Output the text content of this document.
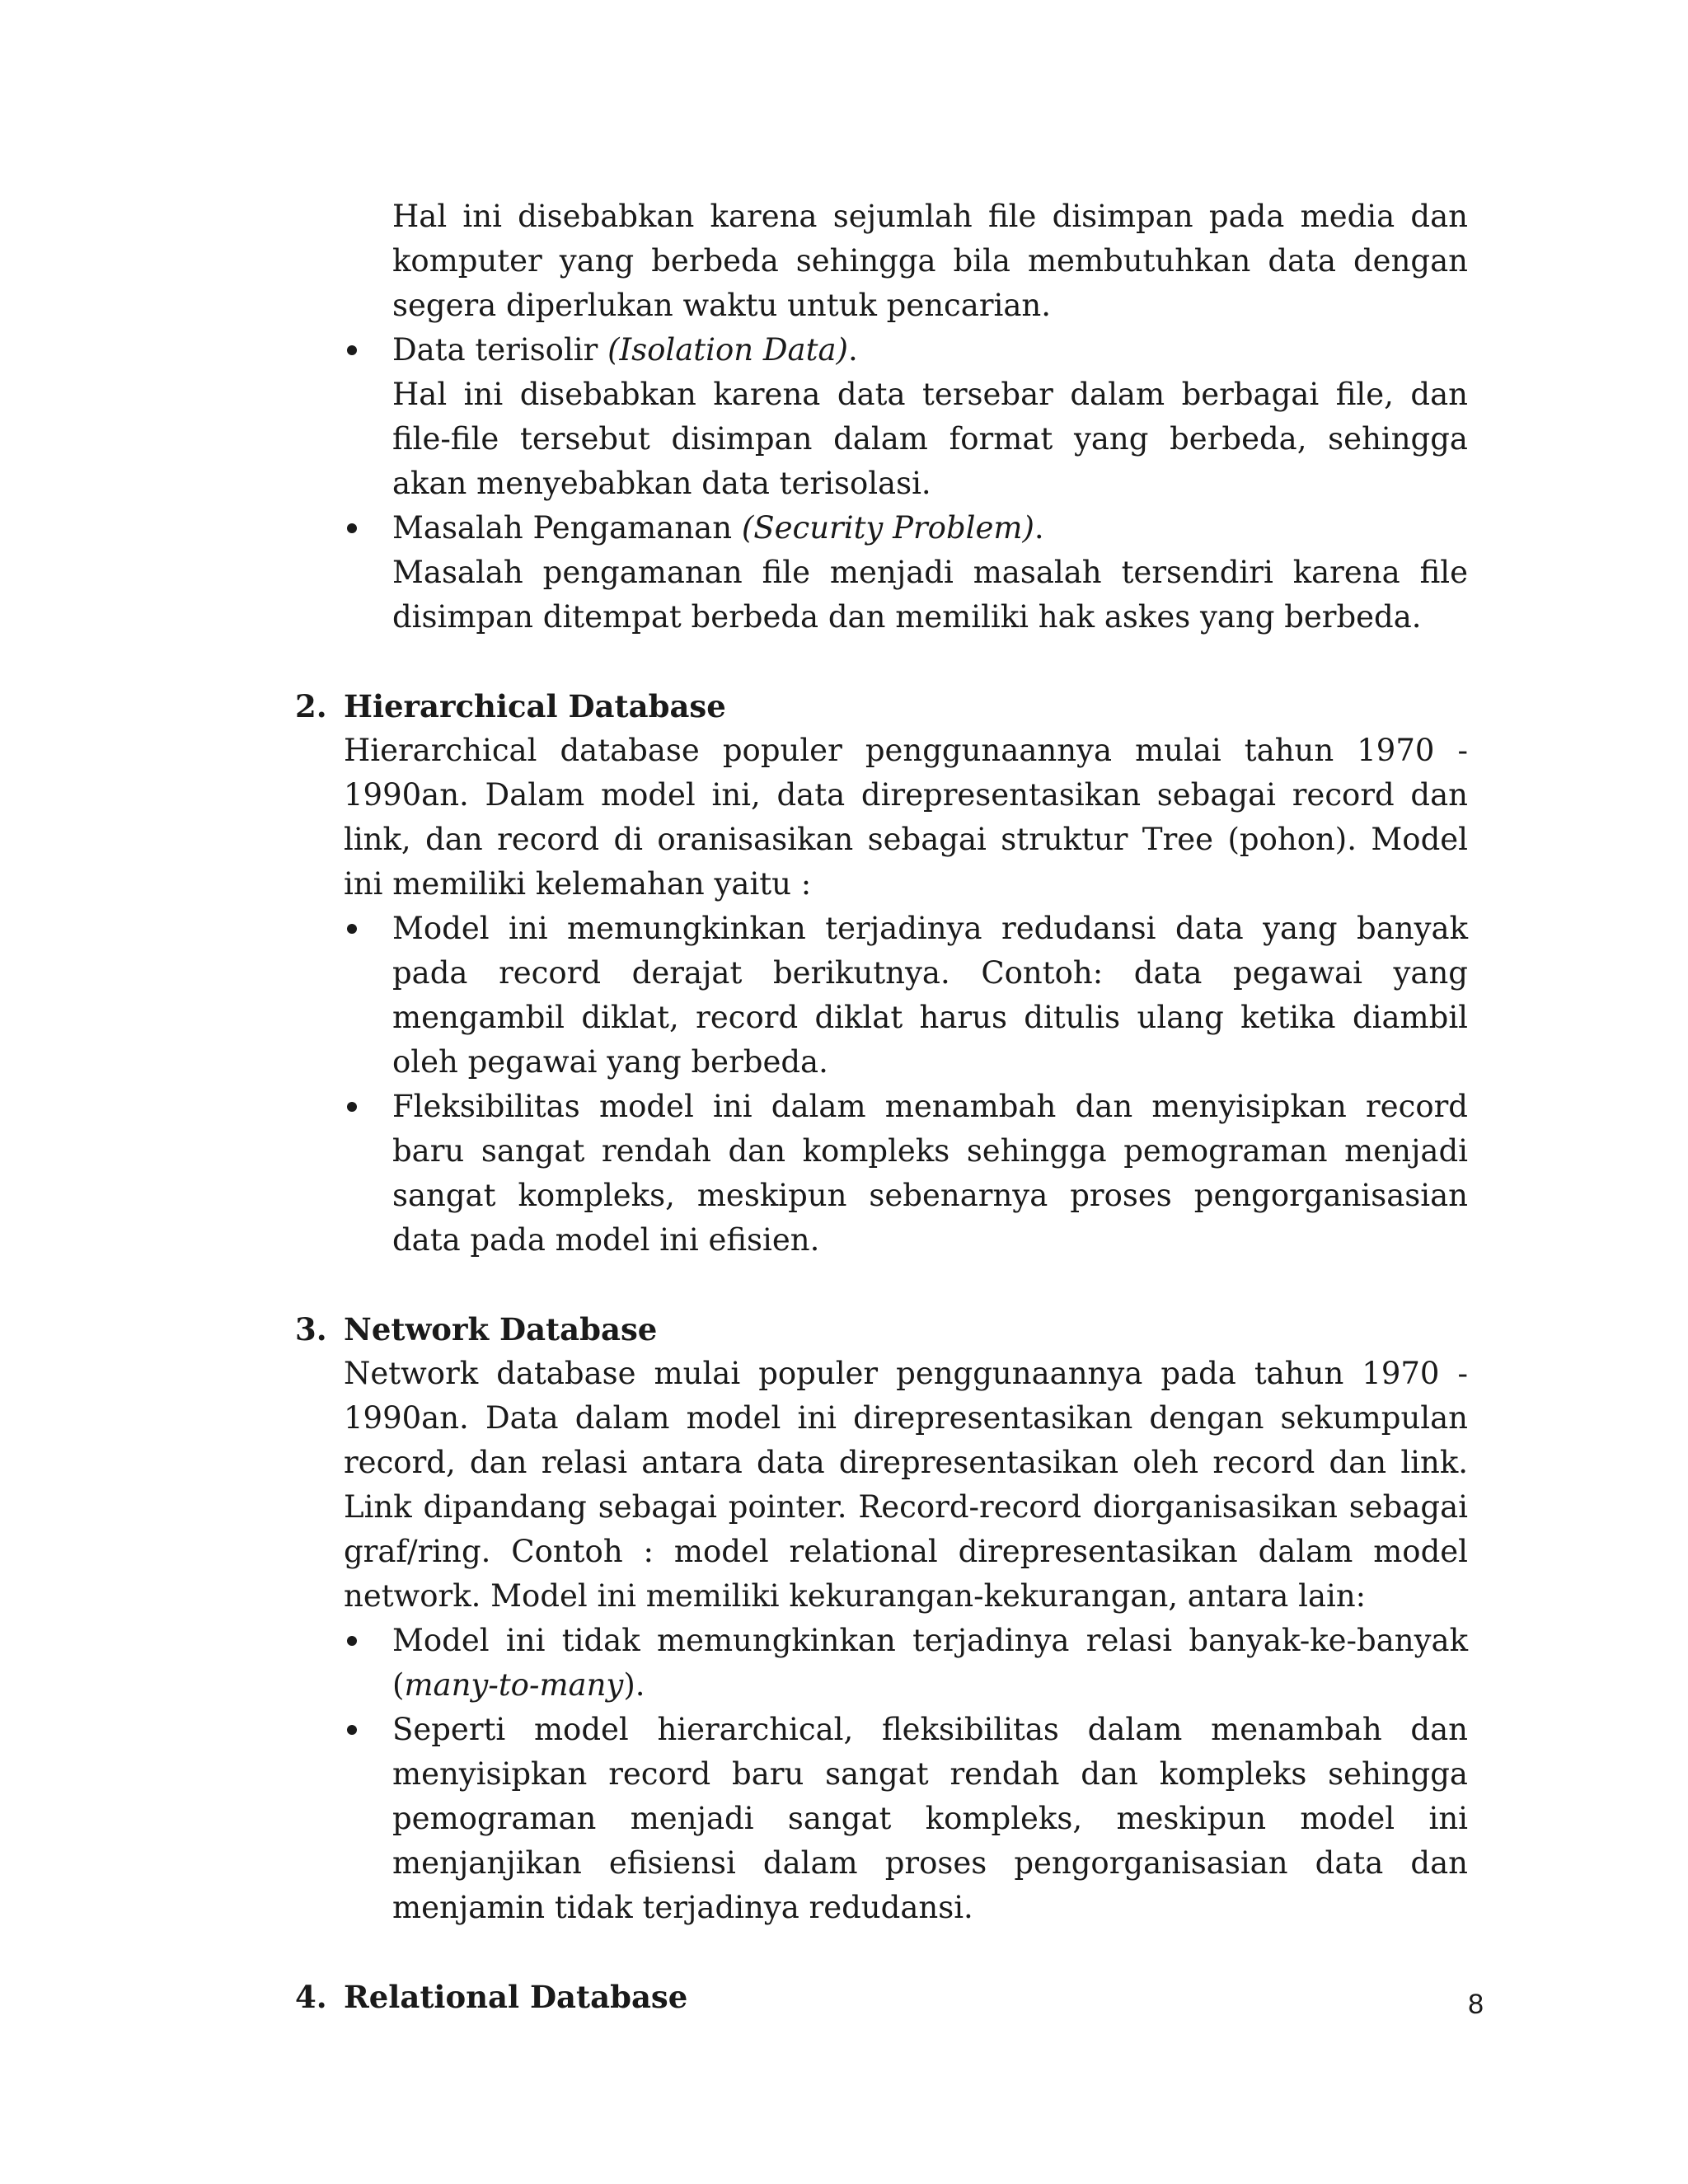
Hal ini disebabkan karena sejumlah file disimpan pada media dan komputer yang berbeda sehingga bila membutuhkan data dengan segera diperlukan waktu untuk pencarian.

Data terisolir (Isolation Data).

Hal ini disebabkan karena data tersebar dalam berbagai file, dan file-file tersebut disimpan dalam format yang berbeda, sehingga akan menyebabkan data terisolasi.

Masalah Pengamanan (Security Problem).

Masalah pengamanan file menjadi masalah tersendiri karena file disimpan ditempat berbeda dan memiliki hak askes yang berbeda.

2. Hierarchical Database

Hierarchical database populer penggunaannya mulai tahun 1970 - 1990an. Dalam model ini, data direpresentasikan sebagai record dan link, dan record di oranisasikan sebagai struktur Tree (pohon). Model ini memiliki kelemahan yaitu :

Model ini memungkinkan terjadinya redudansi data yang banyak pada record derajat berikutnya. Contoh: data pegawai yang mengambil diklat, record diklat harus ditulis ulang ketika diambil oleh pegawai yang berbeda.

Fleksibilitas model ini dalam menambah dan menyisipkan record baru sangat rendah dan kompleks sehingga pemograman menjadi sangat kompleks, meskipun sebenarnya proses pengorganisasian data pada model ini efisien.

3. Network Database

Network database mulai populer penggunaannya pada tahun 1970 - 1990an. Data dalam model ini direpresentasikan dengan sekumpulan record, dan relasi antara data direpresentasikan oleh record dan link. Link dipandang sebagai pointer. Record-record diorganisasikan sebagai graf/ring. Contoh : model relational direpresentasikan dalam model network. Model ini memiliki kekurangan-kekurangan, antara lain:

Model ini tidak memungkinkan terjadinya relasi banyak-ke-banyak (many-to-many).

Seperti model hierarchical, fleksibilitas dalam menambah dan menyisipkan record baru sangat rendah dan kompleks sehingga pemograman menjadi sangat kompleks, meskipun model ini menjanjikan efisiensi dalam proses pengorganisasian data dan menjamin tidak terjadinya redudansi.

4. Relational Database	8
